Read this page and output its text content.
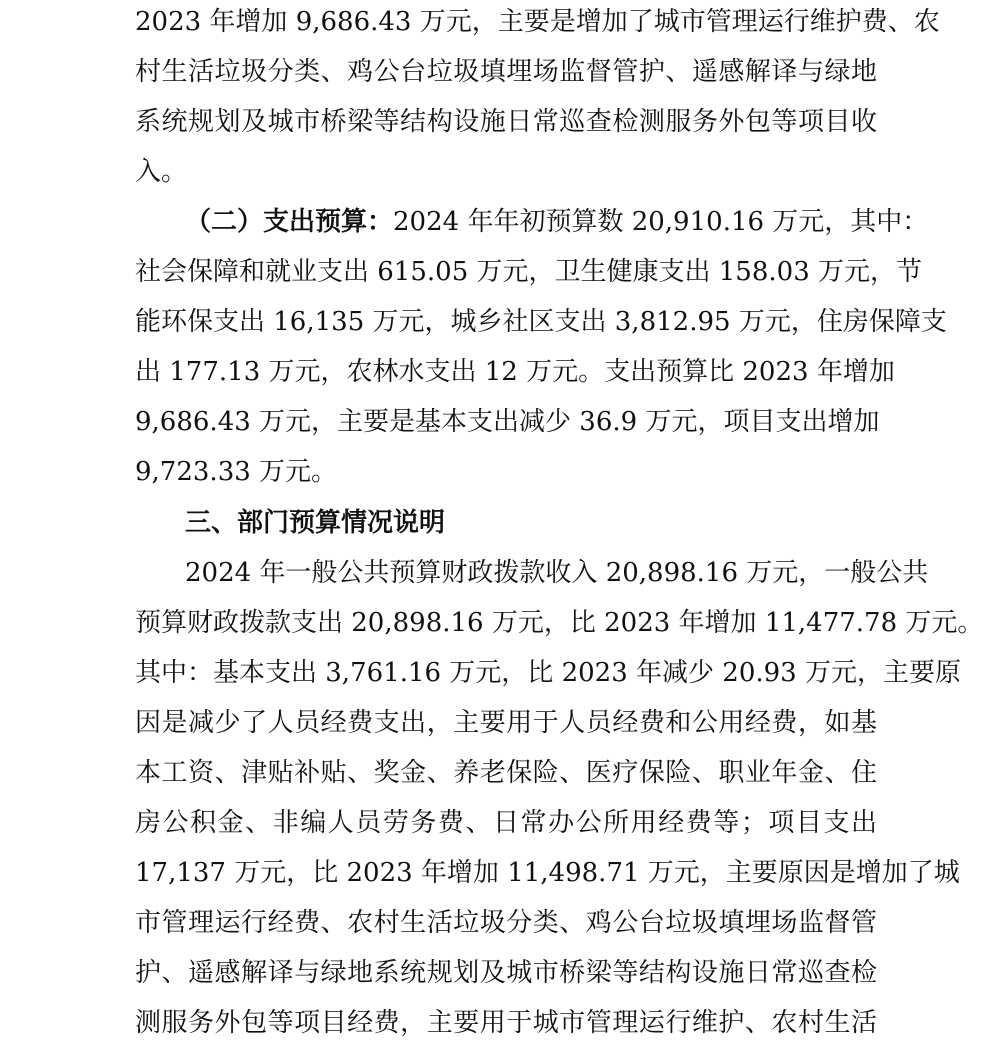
2023 年增加 9,686.43 万元，主要是增加了城市管理运行维护费、农
村生活垃圾分类、鸡公台垃圾填埋场监督管护、遥感解译与绿地
系统规划及城市桥梁等结构设施日常巡查检测服务外包等项目收
入。
（二）支出预算：2024 年年初预算数 20,910.16 万元，其中：
社会保障和就业支出 615.05 万元，卫生健康支出 158.03 万元，节
能环保支出 16,135 万元，城乡社区支出 3,812.95 万元，住房保障支
出 177.13 万元，农林水支出 12 万元。支出预算比 2023 年增加
9,686.43 万元，主要是基本支出减少 36.9 万元，项目支出增加
9,723.33 万元。
三、部门预算情况说明
2024 年一般公共预算财政拨款收入 20,898.16 万元，一般公共
预算财政拨款支出 20,898.16 万元，比 2023 年增加 11,477.78 万元。
其中：基本支出 3,761.16 万元，比 2023 年减少 20.93 万元，主要原
因是减少了人员经费支出，主要用于人员经费和公用经费，如基
本工资、津贴补贴、奖金、养老保险、医疗保险、职业年金、住
房公积金、非编人员劳务费、日常办公所用经费等；项目支出
17,137 万元，比 2023 年增加 11,498.71 万元，主要原因是增加了城
市管理运行经费、农村生活垃圾分类、鸡公台垃圾填埋场监督管
护、遥感解译与绿地系统规划及城市桥梁等结构设施日常巡查检
测服务外包等项目经费，主要用于城市管理运行维护、农村生活
